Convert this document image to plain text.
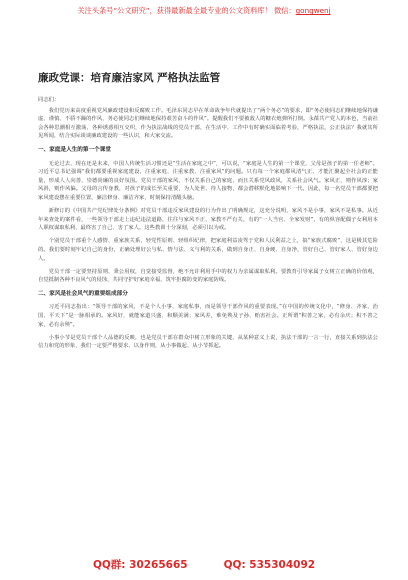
关注头条号“公文研究”，获得最新最全最专业的公文资料库！ 微信：gongwenj
廉政党课：培育廉洁家风 严格执法监管

同志们：

我们党历来高度重视党风廉政建设和反腐败工作。毛泽东同志早在革命战争年代就提出了“两个务必”的要求，即“务必使同志们继续地保持谦虚、谨慎、不骄不躁的作风，务必使同志们继续地保持艰苦奋斗的作风”。提醒我们不要被敌人的糖衣炮弹所打倒。永葆共产党人的本色，当前社会各种思潮相互激荡，各种诱惑相互交织，作为执法战线的党员干部，在生活中、工作中有时确实面临着考验，严格执法，公正执法？我就其所见所闻，结合实际谈谈廉政建设的一些认识，和大家交流。

一、家庭是人生的第一个课堂

无论过去、现在还是未来，中国人传统生活习惯还是“生活在家庭之中”，可以说，“家庭是人生的第一个课堂，父母是孩子的第一任老师”。习近平总书记强调“我们都要重视家庭建设，注重家庭、注重家教、注重家风”的问题。只有每一个家庭都风清气正，才能汇聚起全社会的正能量，形成人人向善、崇德尚廉的良好氛围。党员干部的家风，不仅关系自己的家庭，而且关系党风政风，关系社会风气。家风正，则作风淳；家风斜，则作风偏。父母的言传身教，对孩子的成长至关重要，为人处世、待人接物，都会潜移默化地影响下一代。因此，每一名党员干部都要把家风建设摆在重要位置，廉洁修身、廉洁齐家，时刻保持清醒头脑。

新修订的《中国共产党纪律处分条例》对党员干部违反家风建设的行为作出了明确规定，这充分说明，家风不是小事，家风不是私事。从近年来查处的案件看，一些领导干部走上违纪违法道路，往往与家风不正、家教不严有关，有的“一人当官、全家发财”，有的纵容配偶子女利用本人职权谋取私利，最终害了自己、害了家人。这些教训十分深刻，必须引以为戒。

个别党员干部重个人感情、重家族关系，轻党性原则、轻组织纪律，把家庭利益凌驾于党和人民利益之上，搞“家族式腐败”，这是极其危险的。我们要时刻牢记自己的身份，正确处理好公与私、情与法、义与利的关系，做到自身正、自身硬、自身净，管好自己、管好家人、管好身边人。

党员干部一定要坚持原则、秉公用权，自觉接受监督，绝不允许利用手中的权力为亲属谋取私利。要教育引导家属子女树立正确的价值观，自觉抵制各种不良风气的侵蚀，共同守护好家庭幸福，筑牢拒腐防变的家庭防线。

二、家风是社会风气的重要组成部分

习近平同志指出：“领导干部的家风，不是个人小事、家庭私事，而是领导干部作风的重要表现。”在中国的传统文化中，“修身、齐家、治国、平天下”是一脉相承的。家风好，就能家道兴盛、和顺美满；家风差，难免殃及子孙、贻害社会。正所谓“积善之家，必有余庆；积不善之家，必有余殃”。

小事小节是党员干部个人品德的反映，也是党员干部在群众中树立形象的关键，从某种意义上说，执法干部的一言一行，直接关系到执法公信力和党的形象，我们一定要严格要求、以身作则，从小事做起、从小节抓起。

QQ群: 30265665	QQ: 535304092
